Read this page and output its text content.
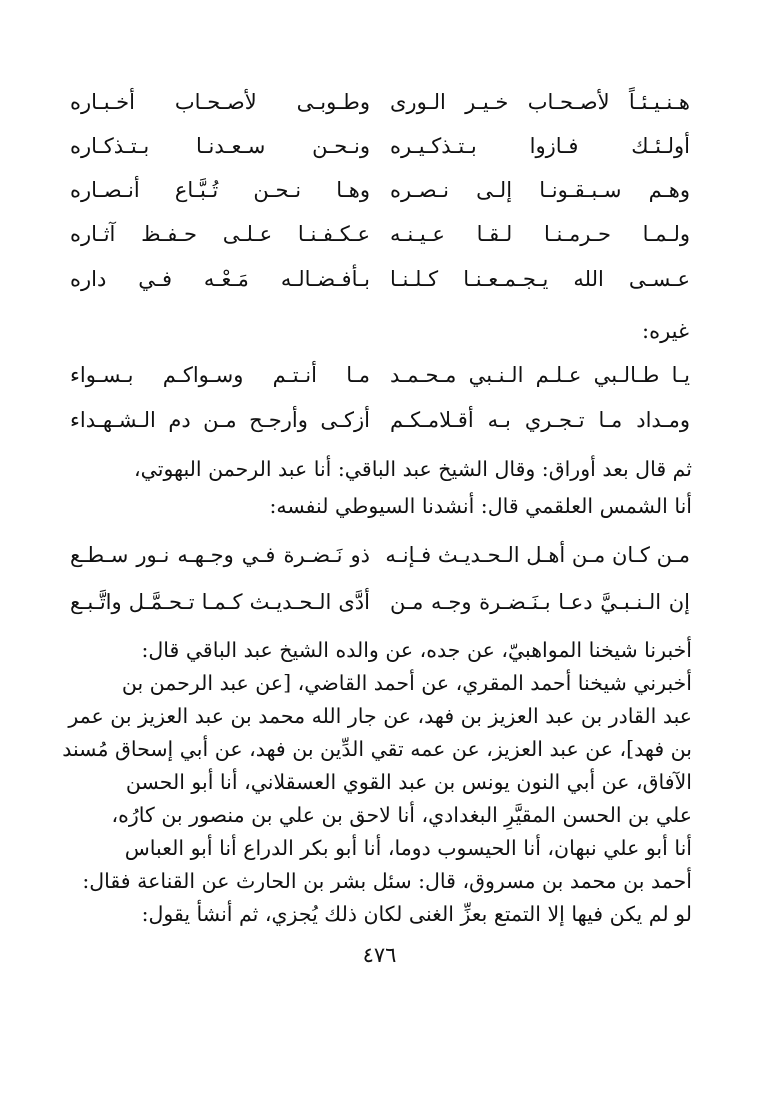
هـنـيـئـاً لأصـحـاب خـيـر الـورى
وطـوبـى لأصـحـاب أخـبـاره
أولـئـك فـازوا بـتـذكـيـره
ونـحـن سـعـدنـا بـتـذكـاره
وهـم سـبـقـونـا إلـى نـصـره
وهـا نـحـن تُـبَّـاع أنـصـاره
ولـمـا حـرمـنـا لـقـا عـيـنـه
عـكـفـنـا عـلـى حـفـظ آثـاره
عـسـى الله يـجـمـعـنـا كـلـنـا
بـأفـضـالـه مَـعْـه فـي داره
غيره:
يـا طـالـبي عـلـم الـنـبي مـحـمـد
مـا أنـتـم وسـواكـم بـسـواء
ومـداد مـا تـجـري بـه أقـلامـكـم
أزكـى وأرجـح مـن دم الـشـهـداء
ثم قال بعد أوراق: وقال الشيخ عبد الباقي: أنا عبد الرحمن البهوتي،
أنا الشمس العلقمي قال: أنشدنا السيوطي لنفسه:
مـن كـان مـن أهـل الـحـديـث فـإنـه
ذو نَـضـرة فـي وجـهـه نـور سـطـع
إن الـنـبـيَّ دعـا بـنَـضـرة وجـه مـن
أدَّى الـحـديـث كـمـا تـحـمَّـل واتَّـبـع
أخبرنا شيخنا المواهبيّ، عن جده، عن والده الشيخ عبد الباقي قال:
أخبرني شيخنا أحمد المقري، عن أحمد القاضي، [عن عبد الرحمن بن
عبد القادر بن عبد العزيز بن فهد، عن جار الله محمد بن عبد العزيز بن عمر
بن فهد]، عن عبد العزيز، عن عمه تقي الدِّين بن فهد، عن أبي إسحاق مُسند
الآفاق، عن أبي النون يونس بن عبد القوي العسقلاني، أنا أبو الحسن
علي بن الحسن المقيَّرِ البغدادي، أنا لاحق بن علي بن منصور بن كارُه،
أنا أبو علي نبهان، أنا الحيسوب دوما، أنا أبو بكر الدراع أنا أبو العباس
أحمد بن محمد بن مسروق، قال: سئل بشر بن الحارث عن القناعة فقال:
لو لم يكن فيها إلا التمتع بعزِّ الغنى لكان ذلك يُجزي، ثم أنشأ يقول:
٤٧٦
